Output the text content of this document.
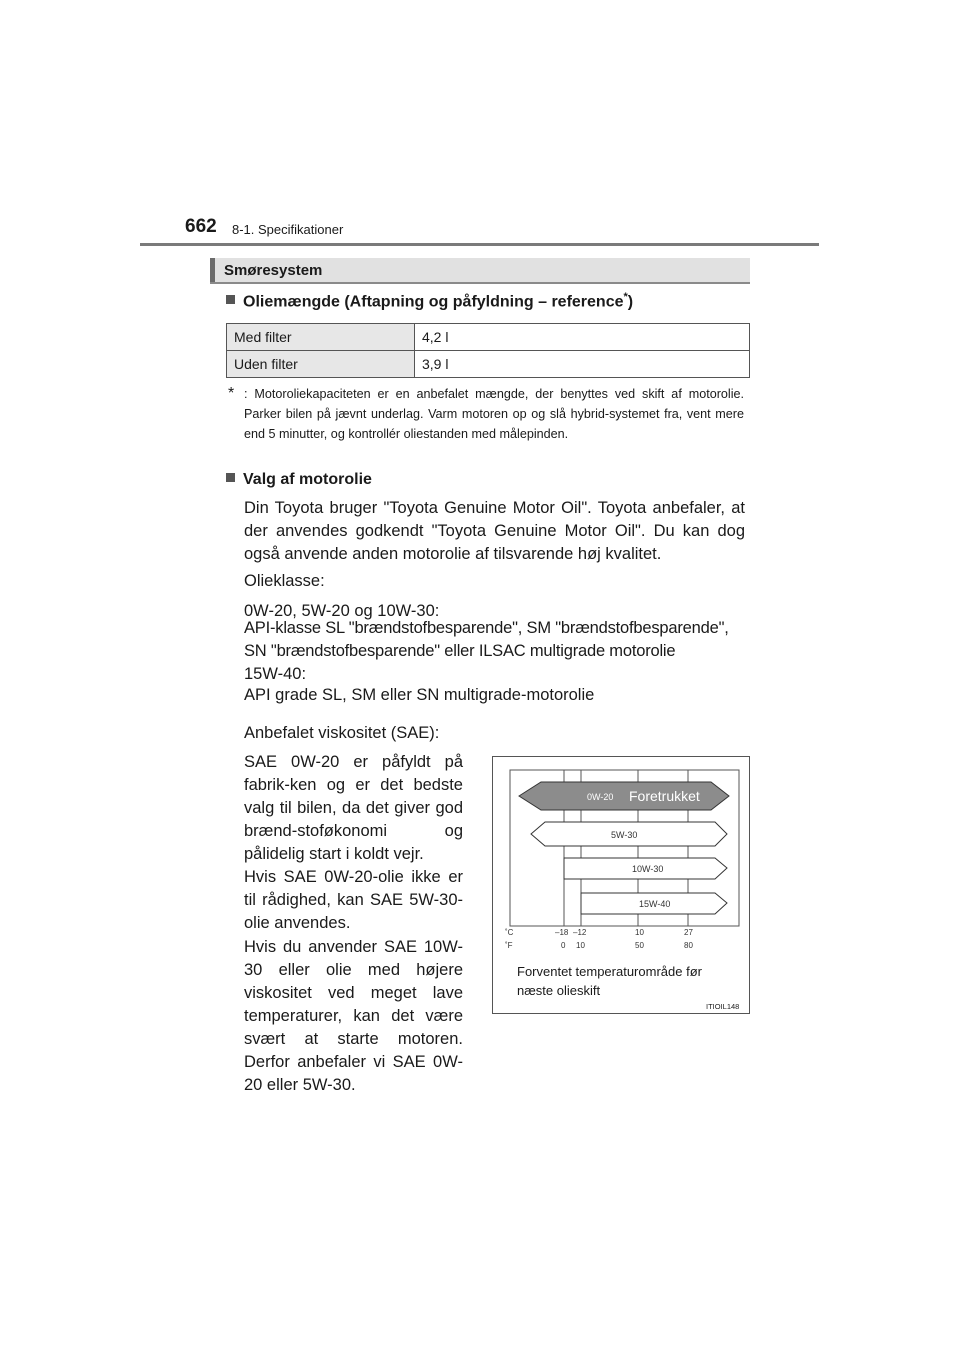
662 8-1. Specifikationer
Smøresystem
Oliemængde (Aftapning og påfyldning – reference*)
Med filter	4,2 l
Uden filter	3,9 l
* : Motoroliekapaciteten er en anbefalet mængde, der benyttes ved skift af motorolie. Parker bilen på jævnt underlag. Varm motoren op og slå hybrid-systemet fra, vent mere end 5 minutter, og kontrollér oliestanden med målepinden.
Valg af motorolie
Din Toyota bruger "Toyota Genuine Motor Oil". Toyota anbefaler, at der anvendes godkendt "Toyota Genuine Motor Oil". Du kan dog også anvende anden motorolie af tilsvarende høj kvalitet.
Olieklasse:
0W-20, 5W-20 og 10W-30:
API-klasse SL "brændstofbesparende", SM "brændstofbesparende", SN "brændstofbesparende" eller ILSAC multigrade motorolie
15W-40:
API grade SL, SM eller SN multigrade-motorolie
Anbefalet viskositet (SAE):
SAE 0W-20 er påfyldt på fabrik-ken og er det bedste valg til bilen, da det giver god brænd-stoføkonomi og pålidelig start i koldt vejr.
Hvis SAE 0W-20-olie ikke er til rådighed, kan SAE 5W-30-olie anvendes.
Hvis du anvender SAE 10W-30 eller olie med højere viskositet ved meget lave temperaturer, kan det være svært at starte motoren. Derfor anbefaler vi SAE 0W-20 eller 5W-30.
0W-20 Foretrukket
5W-30
10W-30
15W-40
˚C	–18 –12	10	27
˚F	0 10	50	80
Forventet temperaturområde før næste olieskift
ITIOIL148
